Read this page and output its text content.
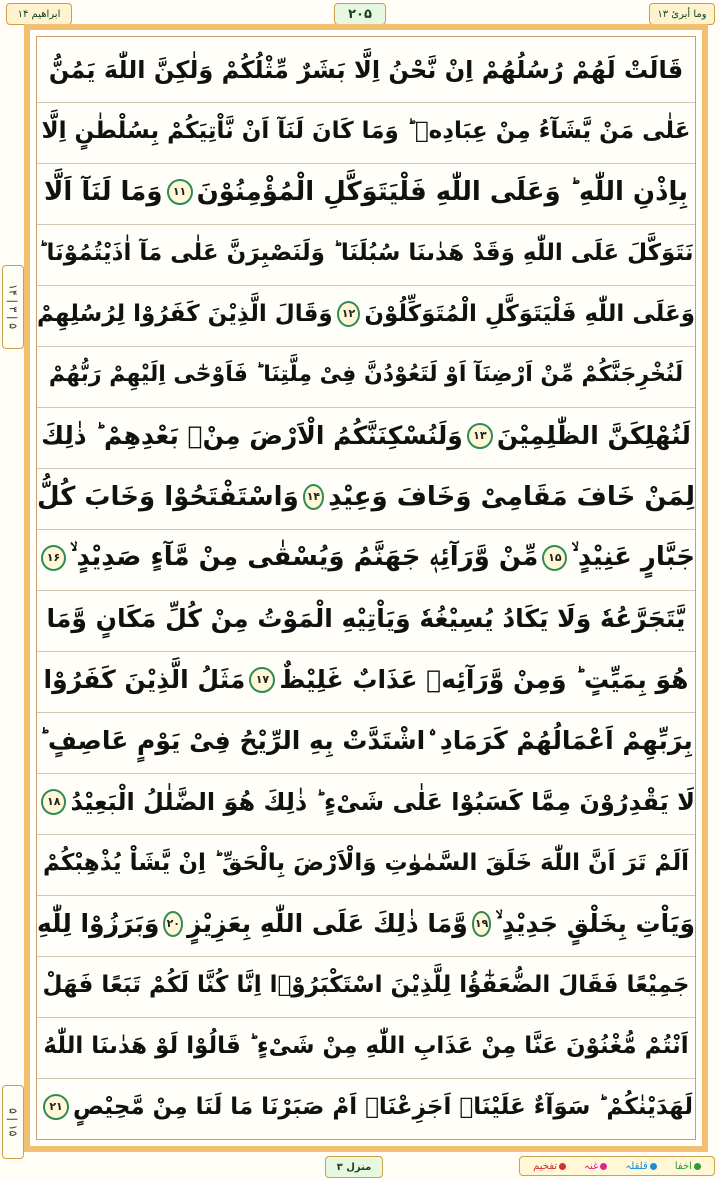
وما أبرئ ۱۳
۲۰۵
ابراهیم ۱۴
۱۴ | ۳ | ۵
۵ | ۱۵
قَالَتْ لَهُمْ رُسُلُهُمْ اِنْ نَّحْنُ اِلَّا بَشَرٌ مِّثْلُكُمْ وَلٰكِنَّ اللّٰهَ يَمُنُّ
عَلٰى مَنْ يَّشَآءُ مِنْ عِبَادِهٖ ؕ وَمَا كَانَ لَنَآ اَنْ نَّاْتِيَكُمْ بِسُلْطٰنٍ اِلَّا
بِاِذْنِ اللّٰهِ ؕ وَعَلَى اللّٰهِ فَلْيَتَوَكَّلِ الْمُؤْمِنُوْنَ
۱۱
وَمَا لَنَآ اَلَّا
نَتَوَكَّلَ عَلَى اللّٰهِ وَقَدْ هَدٰٮنَا سُبُلَنَا ؕ وَلَنَصْبِرَنَّ عَلٰى مَآ اٰذَيْتُمُوْنَا ؕ
وَعَلَى اللّٰهِ فَلْيَتَوَكَّلِ الْمُتَوَكِّلُوْنَ
۱۲
وَقَالَ الَّذِيْنَ كَفَرُوْا لِرُسُلِهِمْ
لَنُخْرِجَنَّكُمْ مِّنْ اَرْضِنَآ اَوْ لَتَعُوْدُنَّ فِىْ مِلَّتِنَا ؕ فَاَوْحٰٓى اِلَيْهِمْ رَبُّهُمْ
لَنُهْلِكَنَّ الظّٰلِمِيْنَ
۱۳
وَلَنُسْكِنَنَّكُمُ الْاَرْضَ مِنْۢ بَعْدِهِمْ ؕ ذٰلِكَ
لِمَنْ خَافَ مَقَامِىْ وَخَافَ وَعِيْدِ
۱۴
وَاسْتَفْتَحُوْا وَخَابَ كُلُّ
جَبَّارٍ عَنِيْدٍ ۙ
۱۵
مِّنْ وَّرَآئِهٖ جَهَنَّمُ وَيُسْقٰى مِنْ مَّآءٍ صَدِيْدٍ ۙ
۱۶
يَّتَجَرَّعُهٗ وَلَا يَكَادُ يُسِيْغُهٗ وَيَاْتِيْهِ الْمَوْتُ مِنْ كُلِّ مَكَانٍ وَّمَا
هُوَ بِمَيِّتٍ ؕ وَمِنْ وَّرَآئِهٖ عَذَابٌ غَلِيْظٌ
۱۷
مَثَلُ الَّذِيْنَ كَفَرُوْا
بِرَبِّهِمْ اَعْمَالُهُمْ كَرَمَادِ ۨاشْتَدَّتْ بِهِ الرِّيْحُ فِىْ يَوْمٍ عَاصِفٍ ؕ
لَا يَقْدِرُوْنَ مِمَّا كَسَبُوْا عَلٰى شَىْءٍ ؕ ذٰلِكَ هُوَ الضَّلٰلُ الْبَعِيْدُ
۱۸
اَلَمْ تَرَ اَنَّ اللّٰهَ خَلَقَ السَّمٰوٰتِ وَالْاَرْضَ بِالْحَقِّ ؕ اِنْ يَّشَاْ يُذْهِبْكُمْ
وَيَاْتِ بِخَلْقٍ جَدِيْدٍ ۙ
۱۹
وَّمَا ذٰلِكَ عَلَى اللّٰهِ بِعَزِيْزٍ
۲۰
وَبَرَزُوْا لِلّٰهِ
جَمِيْعًا فَقَالَ الضُّعَفٰٓؤُا لِلَّذِيْنَ اسْتَكْبَرُوْۤا اِنَّا كُنَّا لَكُمْ تَبَعًا فَهَلْ
اَنْتُمْ مُّغْنُوْنَ عَنَّا مِنْ عَذَابِ اللّٰهِ مِنْ شَىْءٍ ؕ قَالُوْا لَوْ هَدٰٮنَا اللّٰهُ
لَهَدَيْنٰكُمْ ؕ سَوَآءٌ عَلَيْنَاۤ اَجَزِعْنَاۤ اَمْ صَبَرْنَا مَا لَنَا مِنْ مَّحِيْصٍ
۲۱
منزل ۳	اخفا
قلقلہ
غنہ
تفخیم
